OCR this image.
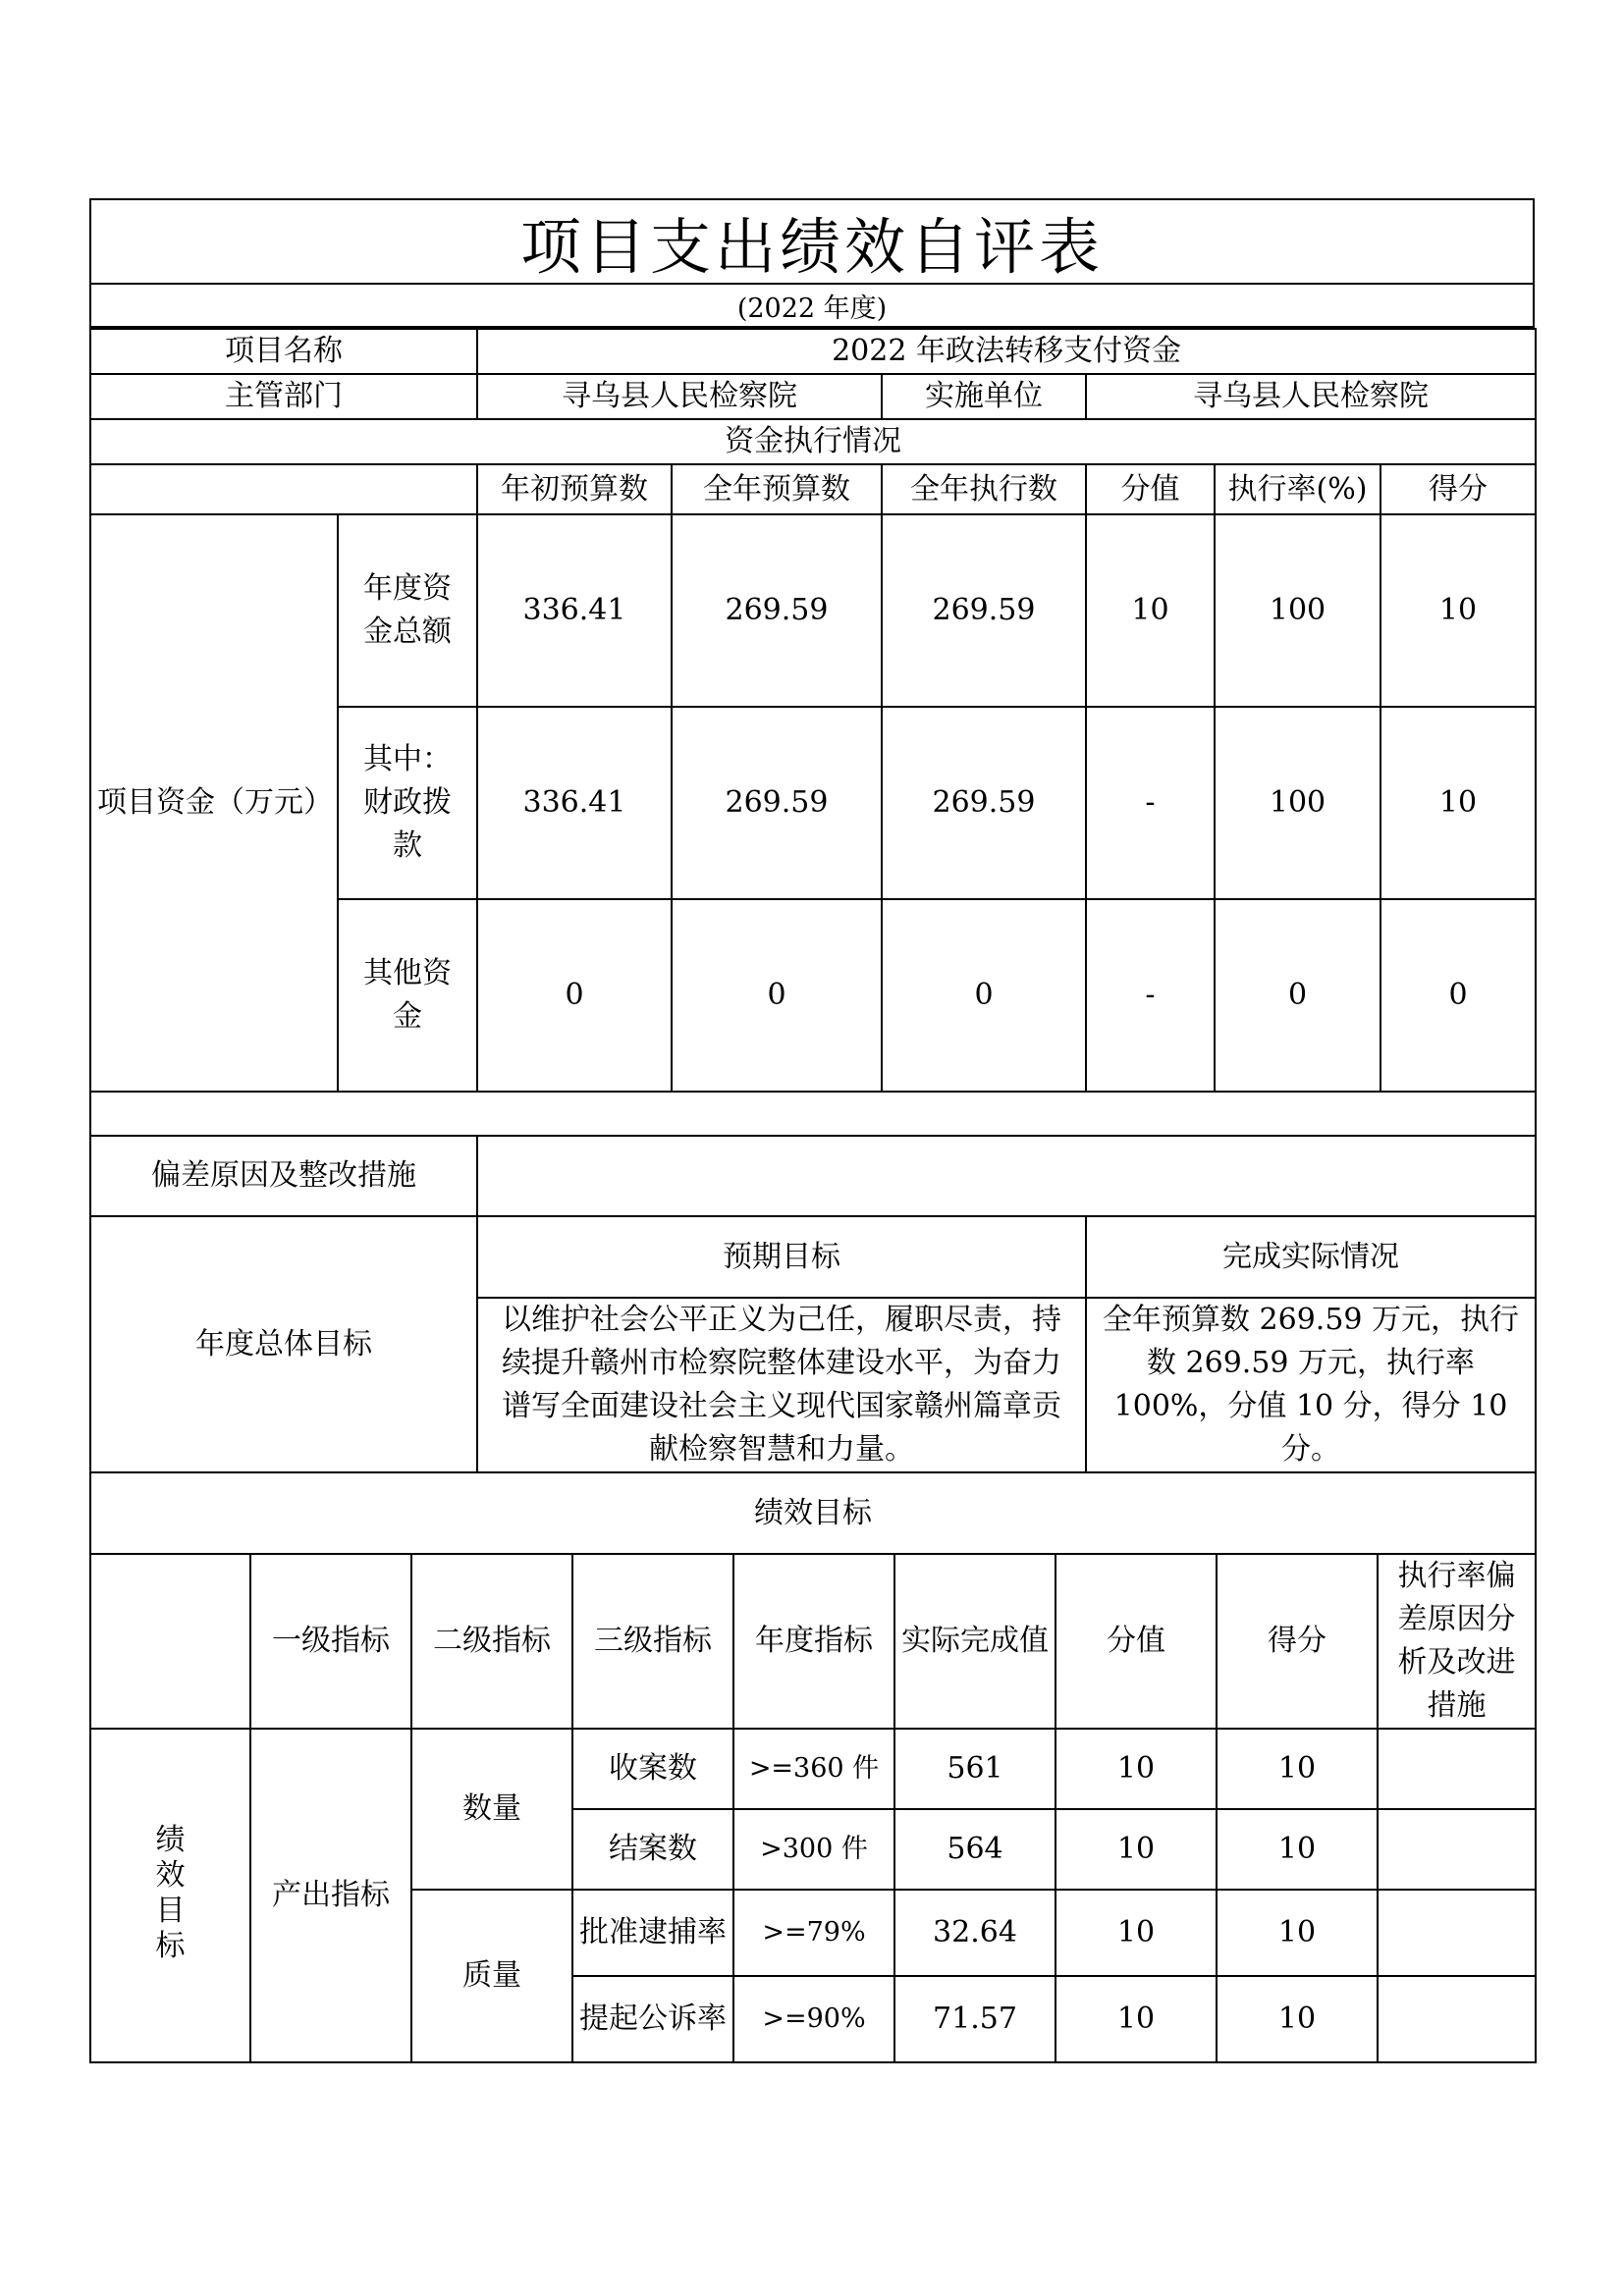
项目支出绩效自评表
(2022 年度)
项目名称		2022 年政法转移支付资金					
主管部门		寻乌县人民检察院		实施单位	寻乌县人民检察院		
资金执行情况							
		年初预算数	全年预算数	全年执行数	分值	执行率(%)	得分
项目资金（万元）	年度资金总额	336.41	269.59	269.59	10	100	10

	其中：财政拨款	336.41	269.59	269.59	-	100	10

	其他资金	0	0	0	-	0	0

偏差原因及整改措施							
年度总体目标		预期目标			完成实际情况		
		以维护社会公平正义为己任，履职尽责，持续提升赣州市检察院整体建设水平，为奋力谱写全面建设社会主义现代国家赣州篇章贡献检察智慧和力量。			全年预算数 269.59 万元，执行数 269.59 万元，执行率 100%，分值 10 分，得分 10 分。		
绩效目标							
	一级指标	二级指标	三级指标	年度指标	实际完成值	分值	得分	执行率偏差原因分析及改进措施
绩效目标	产出指标	数量	收案数	>=360 件	561	10	10	
			结案数	>300 件	564	10	10	
		质量	批准逮捕率	>=79%	32.64	10	10	
			提起公诉率	>=90%	71.57	10	10	
